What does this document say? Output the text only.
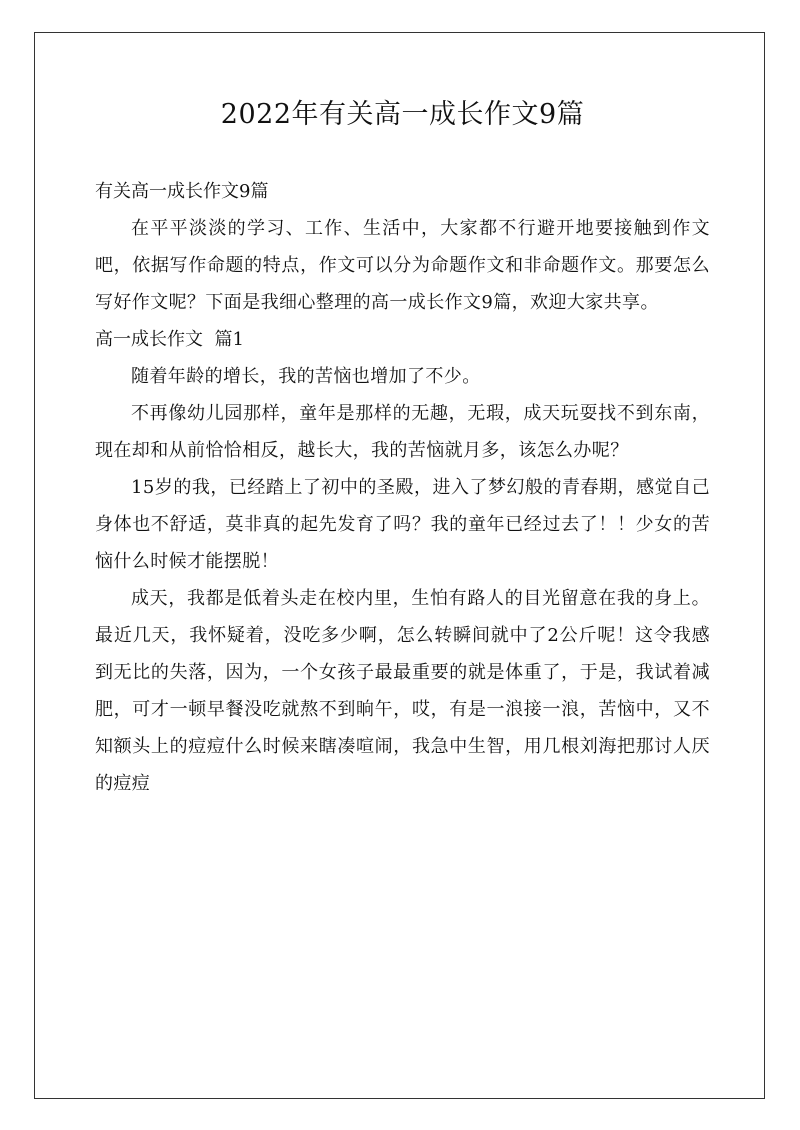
2022年有关高一成长作文9篇

有关高一成长作文9篇

在平平淡淡的学习、工作、生活中，大家都不行避开地要接触到作文吧，依据写作命题的特点，作文可以分为命题作文和非命题作文。那要怎么写好作文呢？下面是我细心整理的高一成长作文9篇，欢迎大家共享。

高一成长作文  篇1

随着年龄的增长，我的苦恼也增加了不少。

不再像幼儿园那样，童年是那样的无趣，无瑕，成天玩耍找不到东南，现在却和从前恰恰相反，越长大，我的苦恼就月多，该怎么办呢？

15岁的我，已经踏上了初中的圣殿，进入了梦幻般的青春期，感觉自己身体也不舒适，莫非真的起先发育了吗？我的童年已经过去了！！少女的苦恼什么时候才能摆脱！

成天，我都是低着头走在校内里，生怕有路人的目光留意在我的身上。最近几天，我怀疑着，没吃多少啊，怎么转瞬间就中了2公斤呢！这令我感到无比的失落，因为，一个女孩子最最重要的就是体重了，于是，我试着减肥，可才一顿早餐没吃就熬不到晌午，哎，有是一浪接一浪，苦恼中，又不知额头上的痘痘什么时候来瞎凑喧闹，我急中生智，用几根刘海把那讨人厌的痘痘
